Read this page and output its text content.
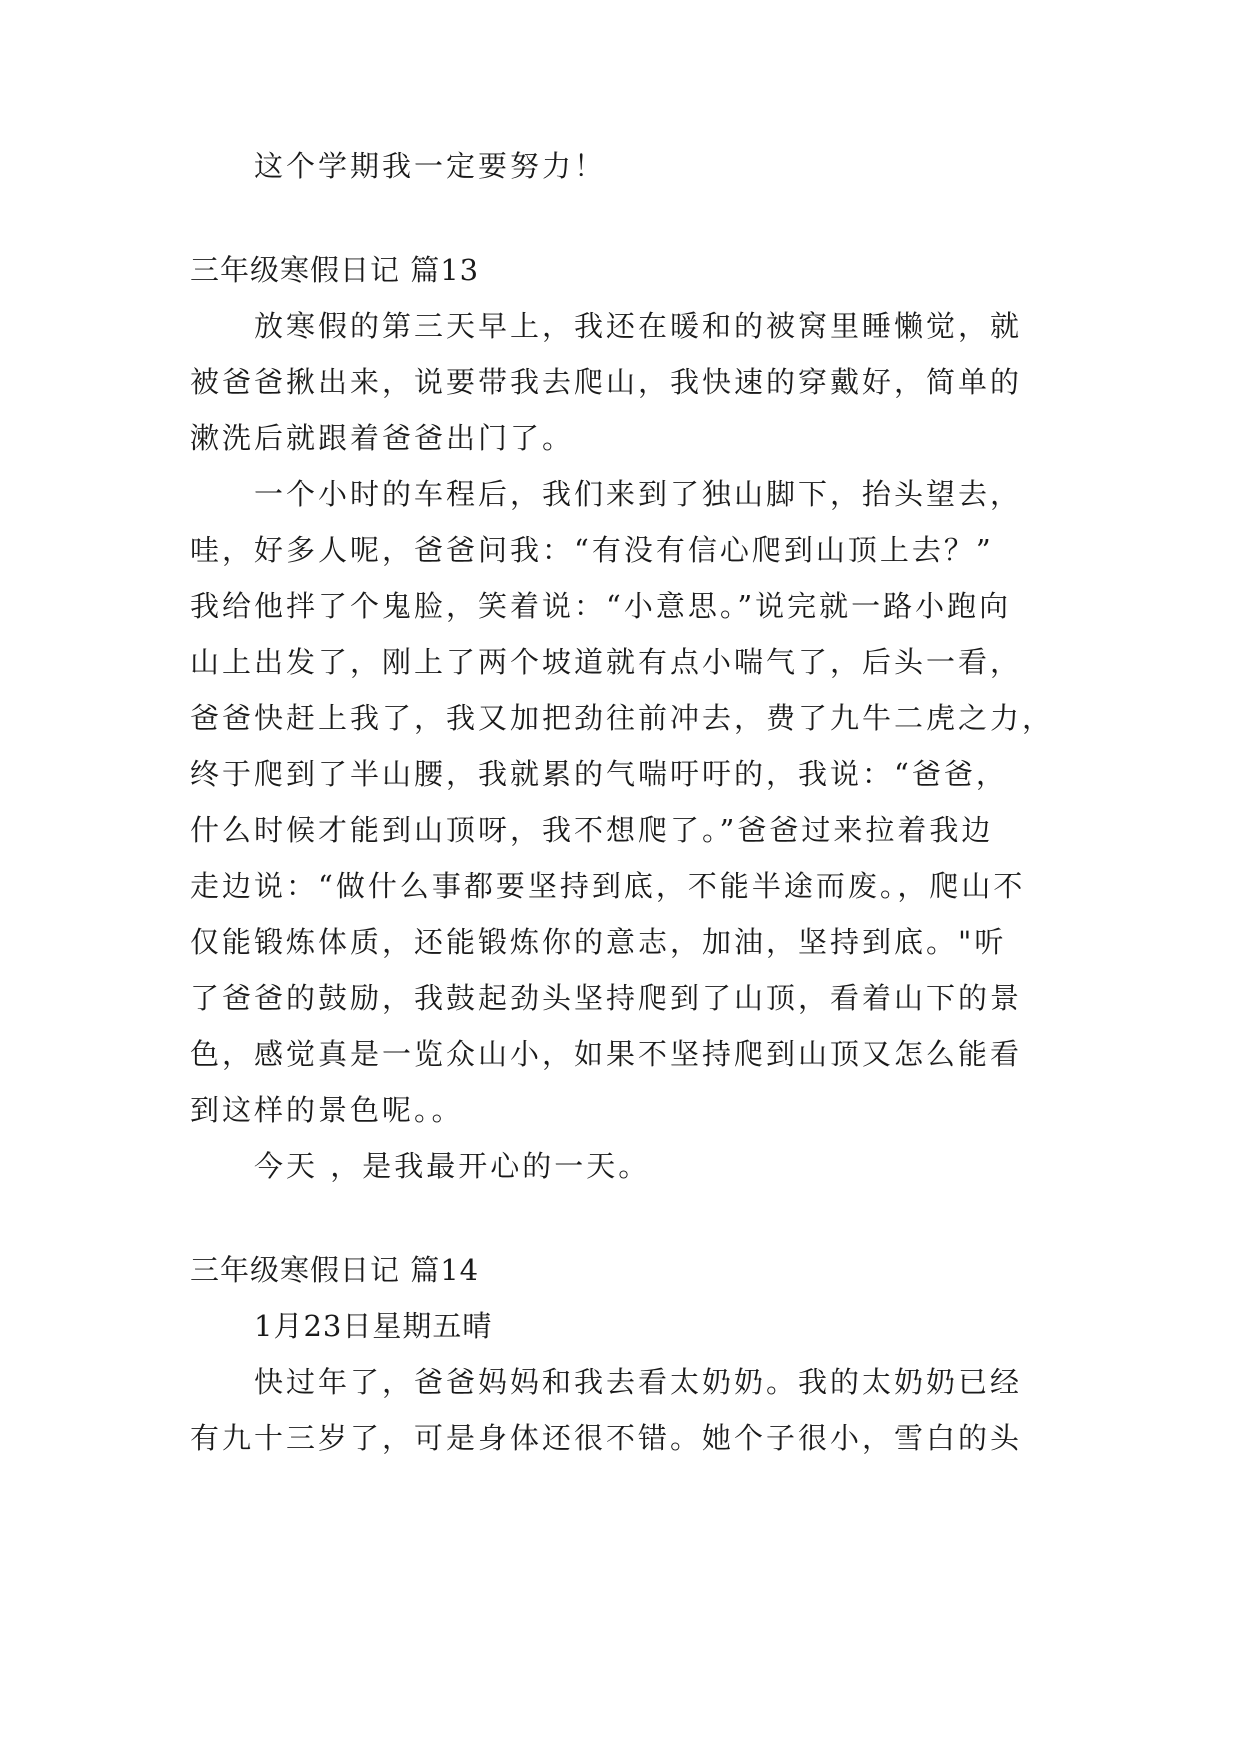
这个学期我一定要努力！
三年级寒假日记 篇13
放寒假的第三天早上，我还在暖和的被窝里睡懒觉，就
被爸爸揪出来，说要带我去爬山，我快速的穿戴好，简单的
漱洗后就跟着爸爸出门了。
一个小时的车程后，我们来到了独山脚下，抬头望去，
哇，好多人呢，爸爸问我：“有没有信心爬到山顶上去？”
我给他拌了个鬼脸，笑着说：“小意思。”说完就一路小跑向
山上出发了，刚上了两个坡道就有点小喘气了，后头一看，
爸爸快赶上我了，我又加把劲往前冲去，费了九牛二虎之力，
终于爬到了半山腰，我就累的气喘吁吁的，我说：“爸爸，
什么时候才能到山顶呀，我不想爬了。”爸爸过来拉着我边
走边说：“做什么事都要坚持到底，不能半途而废。，爬山不
仅能锻炼体质，还能锻炼你的意志，加油，坚持到底。"听
了爸爸的鼓励，我鼓起劲头坚持爬到了山顶，看着山下的景
色，感觉真是一览众山小，如果不坚持爬到山顶又怎么能看
到这样的景色呢。。
今天 ，是我最开心的一天。
三年级寒假日记 篇14
1月23日星期五晴
快过年了，爸爸妈妈和我去看太奶奶。我的太奶奶已经
有九十三岁了，可是身体还很不错。她个子很小，雪白的头
